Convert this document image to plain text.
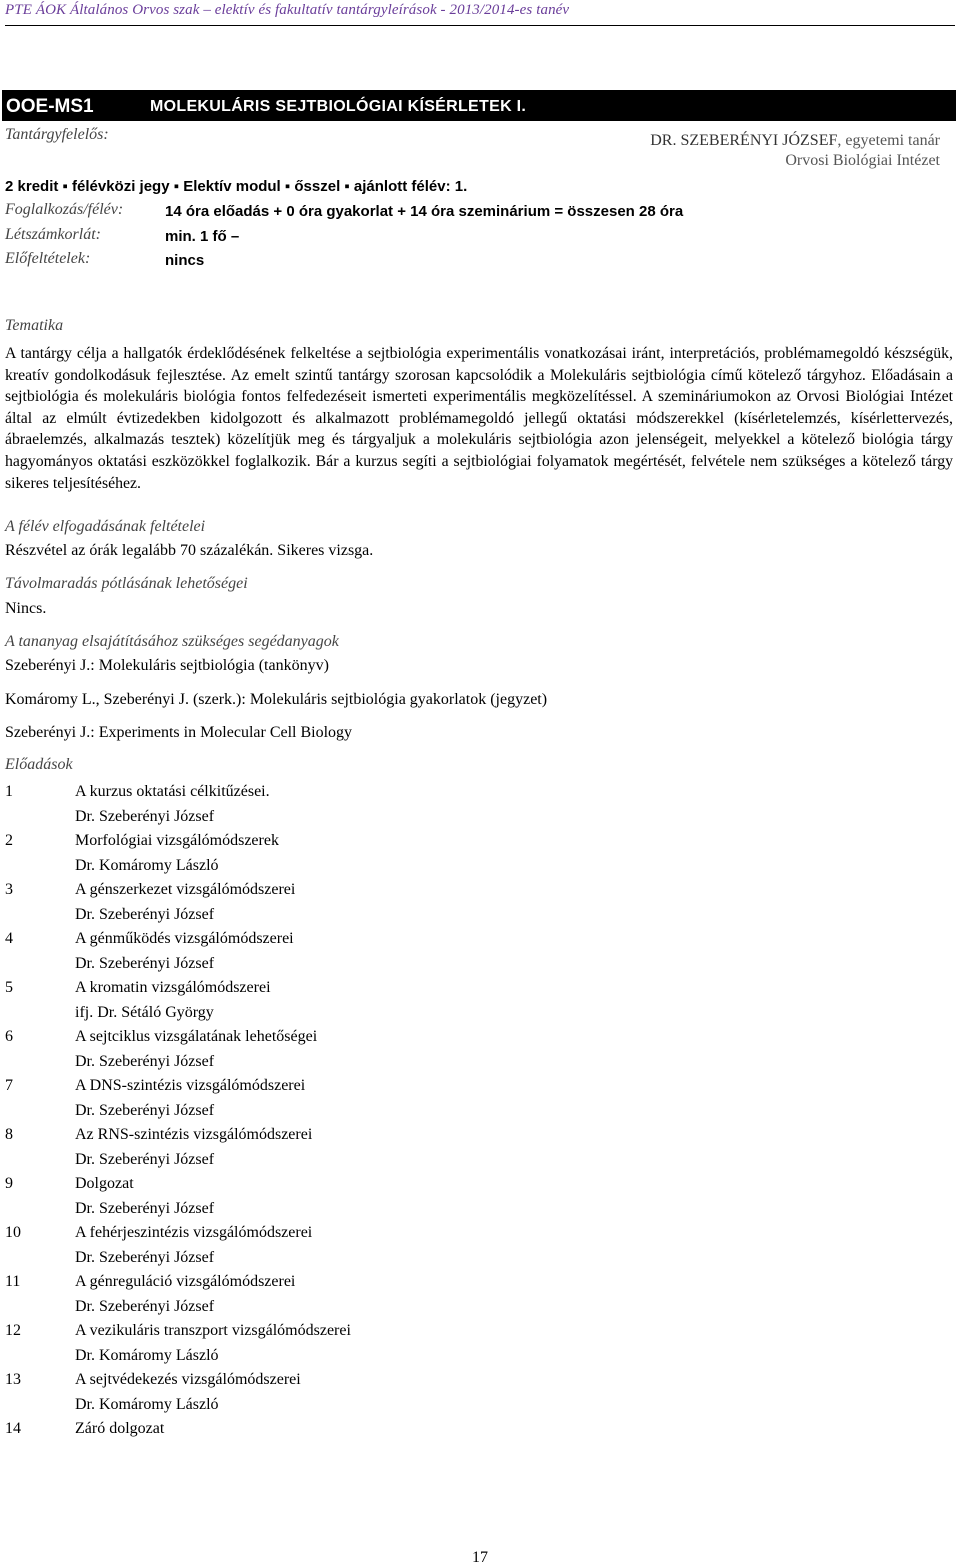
PTE ÁOK Általános Orvos szak – elektív és fakultatív tantárgyleírások - 2013/2014-es tanév
OOE-MS1	MOLEKULÁRIS SEJTBIOLÓGIAI KÍSÉRLETEK I.
Tantárgyfelelős:	DR. SZEBERÉNYI JÓZSEF, egyetemi tanár
Orvosi Biológiai Intézet
2 kredit ▪ félévközi jegy ▪ Elektív modul ▪ ősszel ▪ ajánlott félév: 1.
Foglalkozás/félév:	14 óra előadás + 0 óra gyakorlat + 14 óra szeminárium = összesen 28 óra
Létszámkorlát:	min. 1 fő –
Előfeltételek:	nincs
Tematika
A tantárgy célja a hallgatók érdeklődésének felkeltése a sejtbiológia experimentális vonatkozásai iránt, interpretációs, problémamegoldó készségük, kreatív gondolkodásuk fejlesztése. Az emelt szintű tantárgy szorosan kapcsolódik a Molekuláris sejtbiológia című kötelező tárgyhoz. Előadásain a sejtbiológia és molekuláris biológia fontos felfedezéseit ismerteti experimentális megközelítéssel. A szemináriumokon az Orvosi Biológiai Intézet által az elmúlt évtizedekben kidolgozott és alkalmazott problémamegoldó jellegű oktatási módszerekkel (kísérletelemzés, kísérlettervezés, ábraelemzés, alkalmazás tesztek) közelítjük meg és tárgyaljuk a molekuláris sejtbiológia azon jelenségeit, melyekkel a kötelező biológia tárgy hagyományos oktatási eszközökkel foglalkozik. Bár a kurzus segíti a sejtbiológiai folyamatok megértését, felvétele nem szükséges a kötelező tárgy sikeres teljesítéséhez.
A félév elfogadásának feltételei
Részvétel az órák legalább 70 százalékán. Sikeres vizsga.
Távolmaradás pótlásának lehetőségei
Nincs.
A tananyag elsajátításához szükséges segédanyagok
Szeberényi J.: Molekuláris sejtbiológia (tankönyv)
Komáromy L., Szeberényi J. (szerk.): Molekuláris sejtbiológia gyakorlatok (jegyzet)
Szeberényi J.: Experiments in Molecular Cell Biology
Előadások
1	A kurzus oktatási célkitűzései.
Dr. Szeberényi József
2	Morfológiai vizsgálómódszerek
Dr. Komáromy László
3	A génszerkezet vizsgálómódszerei
Dr. Szeberényi József
4	A génműködés vizsgálómódszerei
Dr. Szeberényi József
5	A kromatin vizsgálómódszerei
ifj. Dr. Sétáló György
6	A sejtciklus vizsgálatának lehetőségei
Dr. Szeberényi József
7	A DNS-szintézis vizsgálómódszerei
Dr. Szeberényi József
8	Az RNS-szintézis vizsgálómódszerei
Dr. Szeberényi József
9	Dolgozat
Dr. Szeberényi József
10	A fehérjeszintézis vizsgálómódszerei
Dr. Szeberényi József
11	A génreguláció vizsgálómódszerei
Dr. Szeberényi József
12	A vezikuláris transzport vizsgálómódszerei
Dr. Komáromy László
13	A sejtvédekezés vizsgálómódszerei
Dr. Komáromy László
14	Záró dolgozat
17
